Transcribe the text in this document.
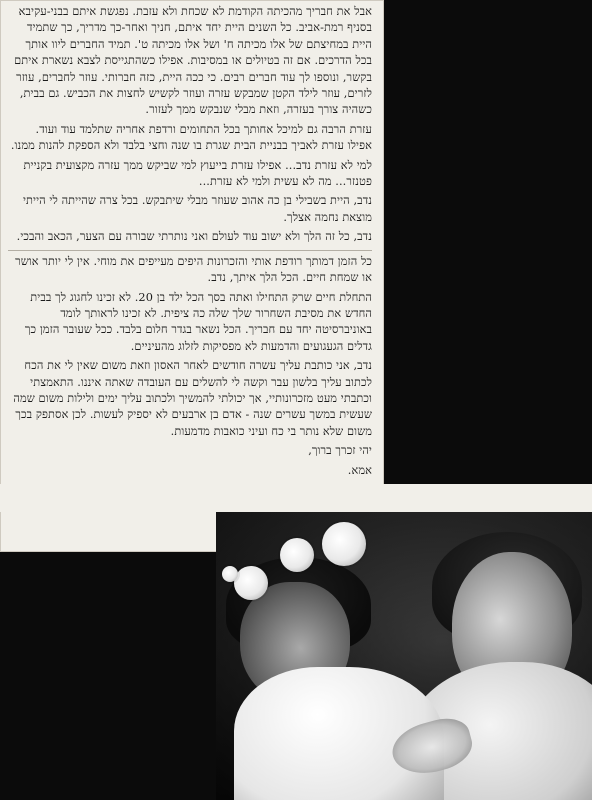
אבל את חבריך מהכיתה הקודמת לא שכחת ולא עזבת. נפגשת איתם בבני-עקיבא בסניף רמת-אביב. כל השנים היית יחד איתם, חניך ואחר-כך מדריך, כך שתמיד היית במחיצתם של אלו מכיתה ח' ושל אלו מכיתה ט'. תמיד החברים ליוו אותך בכל הדרכים. אם זה בטיולים או במסיבות. אפילו כשהתגייסת לצבא נשארת איתם בקשר, ונוספו לך עוד חברים רבים. כי ככה היית, כזה חברותי. עוזר לחברים, עוזר לזרים, עוזר לילד הקטן שמבקש עזרה ועוזר לקשיש לחצות את הכביש. גם בבית, כשהיה צורך בעזרה, וזאת מבלי שנבקש ממך לעזור.

עזרת הרבה גם למיכל אחותך בכל התחומים ורדפת אחריה שתלמד עוד ועוד. אפילו עזרת לאביך בבניית הבית שגרת בו שנה וחצי בלבד ולא הספקת להנות ממנו.

למי לא עזרת נדב... אפילו עזרת בייעוץ למי שביקש ממך עזרה מקצועית בקניית פטנזר... מה לא עשית ולמי לא עזרת...

נדב, היית בשבילי בן כה אהוב שעוזר מבלי שיתבקש. בכל צרה שהייתה לי הייתי מוצאת נחמה אצלך.

נדב, כל זה הלך ולא ישוב עוד לעולם ואני נותרתי שבורה עם הצער, הכאב והבכי.

כל הזמן דמותך רודפת אותי והזכרונות היפים מעייפים את מוחי. אין לי יותר אושר או שמחת חיים. הכל הלך איתך, נדב.

התחלת חיים שרק התחילו ואתה בסך הכל ילד בן 20. לא זכינו לחגוג לך בבית החדש את מסיבת השחרור שלך שלה כה ציפית. לא זכינו לראותך לומד באוניברסיטה יחד עם חבריך. הכל נשאר בגדר חלום בלבד. ככל שעובר הזמן כך גדלים הגעגועים והדמעות לא מפסיקות לזלוג מהעיניים.

נדב, אני כותבת עליך עשרה חודשים לאחר האסון וזאת משום שאין לי את הכח לכתוב עליך בלשון עבר וקשה לי להשלים עם העובדה שאתה איננו. התאמצתי וכתבתי מעט מזכרונותיי, אך יכולתי להמשיך ולכתוב עליך ימים ולילות משום שמה שעשית במשך עשרים שנה - אדם בן ארבעים לא יספיק לעשות. לכן אסתפק בכך משום שלא נותר בי כח ועיני כואבות מדמעות.

יהי זכרך ברוך,

אמא.
